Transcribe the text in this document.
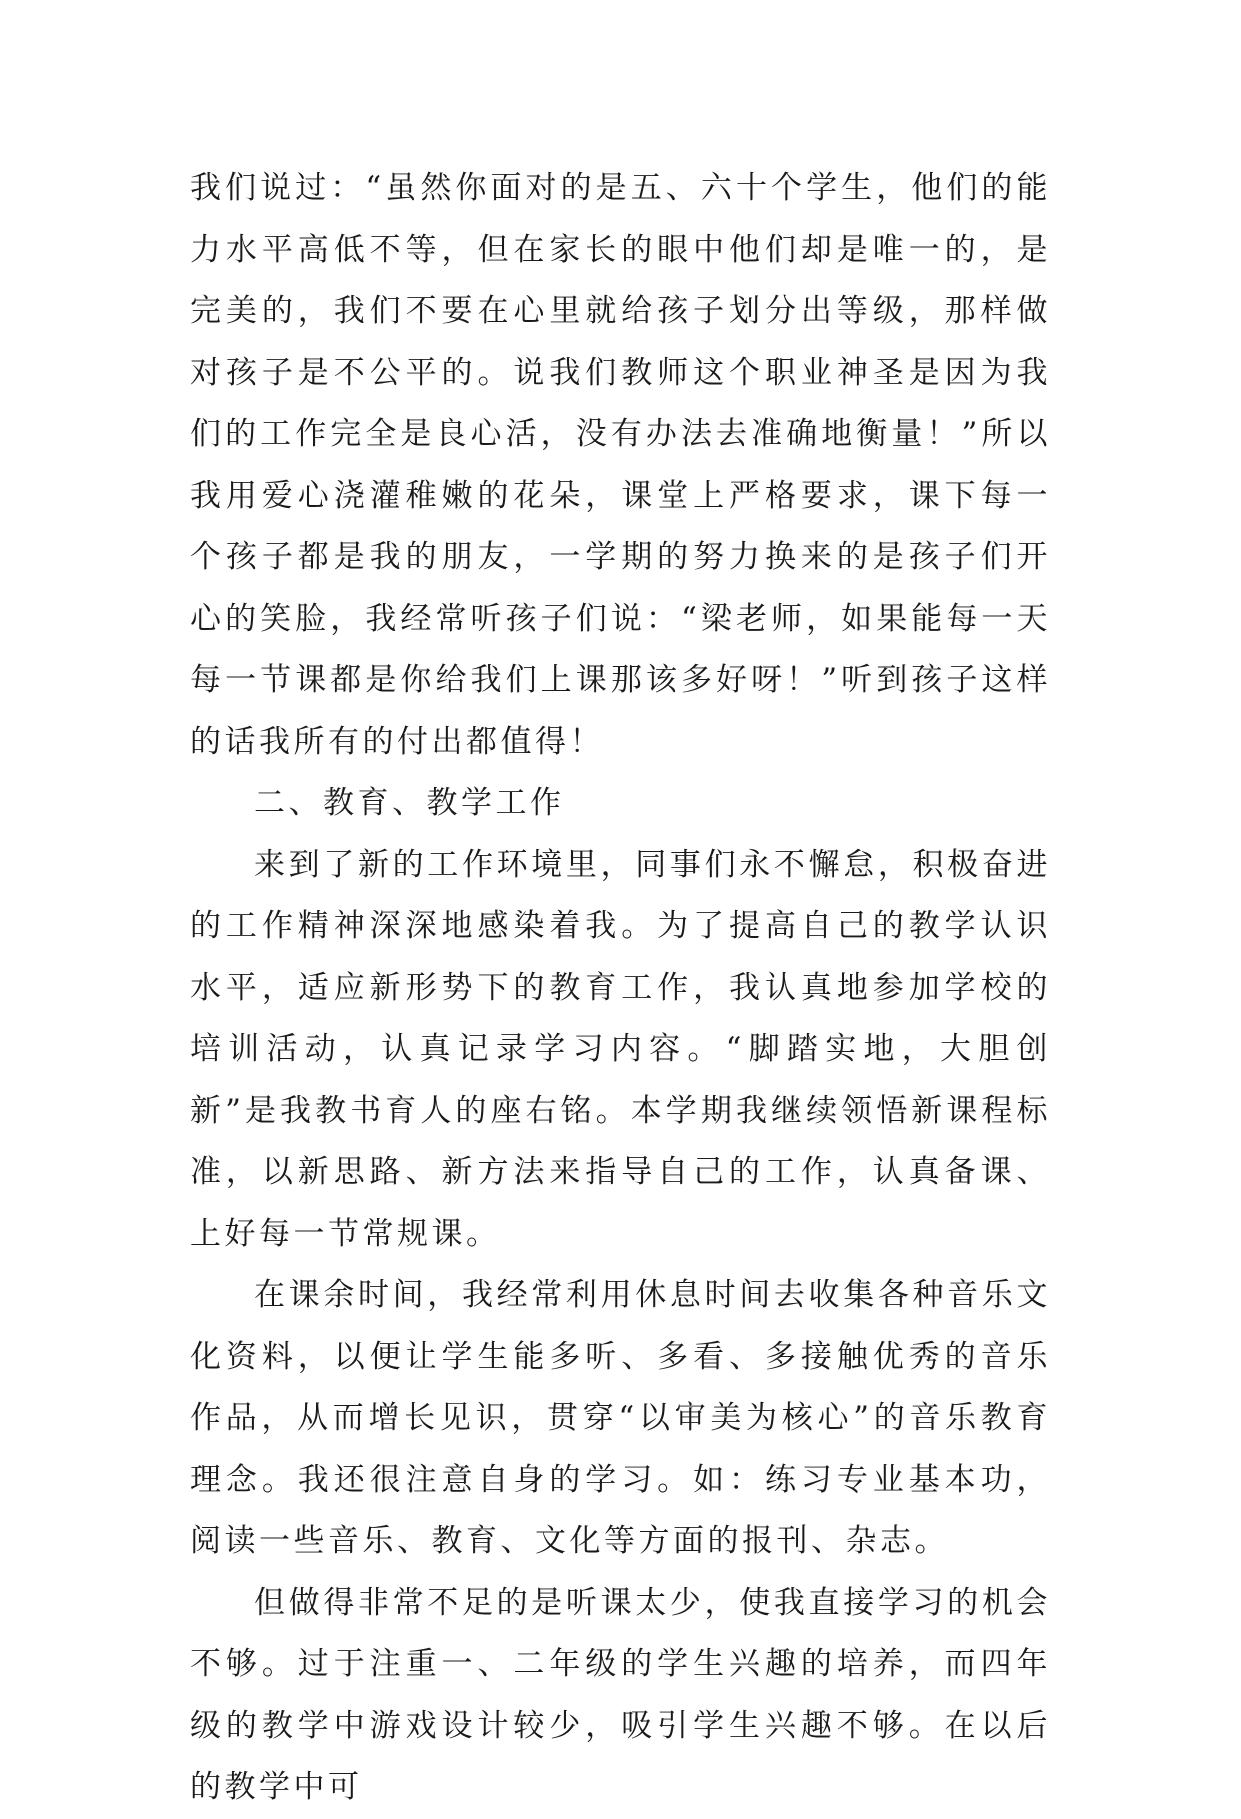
我们说过：“虽然你面对的是五、六十个学生，他们的能力水平高低不等，但在家长的眼中他们却是唯一的，是完美的，我们不要在心里就给孩子划分出等级，那样做对孩子是不公平的。说我们教师这个职业神圣是因为我们的工作完全是良心活，没有办法去准确地衡量！”所以我用爱心浇灌稚嫩的花朵，课堂上严格要求，课下每一个孩子都是我的朋友，一学期的努力换来的是孩子们开心的笑脸，我经常听孩子们说：“梁老师，如果能每一天每一节课都是你给我们上课那该多好呀！”听到孩子这样的话我所有的付出都值得！

二、教育、教学工作

来到了新的工作环境里，同事们永不懈怠，积极奋进的工作精神深深地感染着我。为了提高自己的教学认识水平，适应新形势下的教育工作，我认真地参加学校的培训活动，认真记录学习内容。“脚踏实地，大胆创新”是我教书育人的座右铭。本学期我继续领悟新课程标准，以新思路、新方法来指导自己的工作，认真备课、上好每一节常规课。

在课余时间，我经常利用休息时间去收集各种音乐文化资料，以便让学生能多听、多看、多接触优秀的音乐作品，从而增长见识，贯穿“以审美为核心”的音乐教育理念。我还很注意自身的学习。如：练习专业基本功，阅读一些音乐、教育、文化等方面的报刊、杂志。

但做得非常不足的是听课太少，使我直接学习的机会不够。过于注重一、二年级的学生兴趣的培养，而四年级的教学中游戏设计较少，吸引学生兴趣不够。在以后的教学中可
